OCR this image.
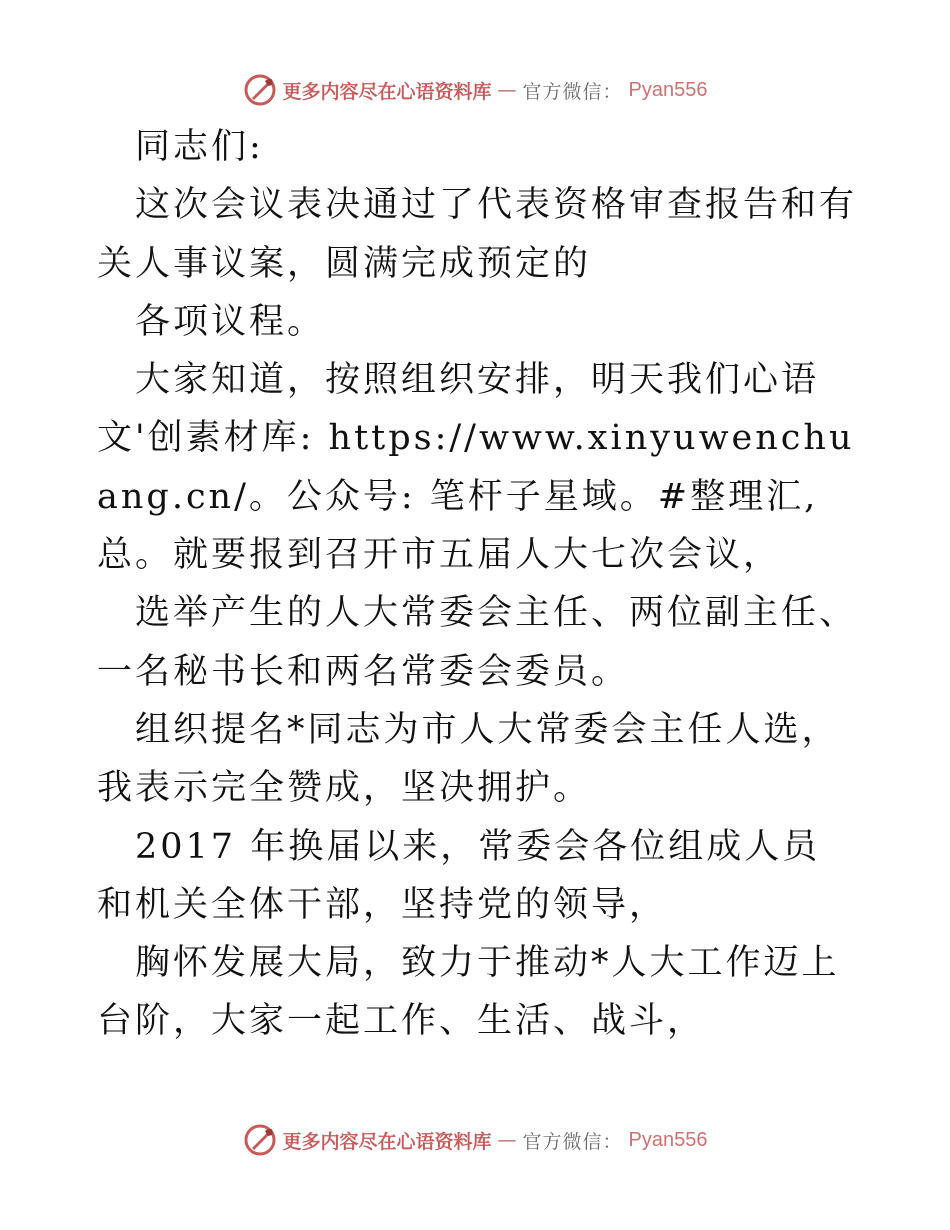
更多内容尽在心语资料库 — 官方微信： Pyan556

同志们:

这次会议表决通过了代表资格审查报告和有关人事议案，圆满完成预定的

各项议程。

大家知道，按照组织安排，明天我们心语文'创素材库: https://www.xinyuwenchuang.cn/。公众号: 笔杆子星域。#整理汇,总。就要报到召开市五届人大七次会议，

选举产生的人大常委会主任、两位副主任、一名秘书长和两名常委会委员。

组织提名*同志为市人大常委会主任人选，我表示完全赞成，坚决拥护。

2017 年换届以来，常委会各位组成人员和机关全体干部，坚持党的领导，

胸怀发展大局，致力于推动*人大工作迈上台阶，大家一起工作、生活、战斗，

更多内容尽在心语资料库 — 官方微信： Pyan556
